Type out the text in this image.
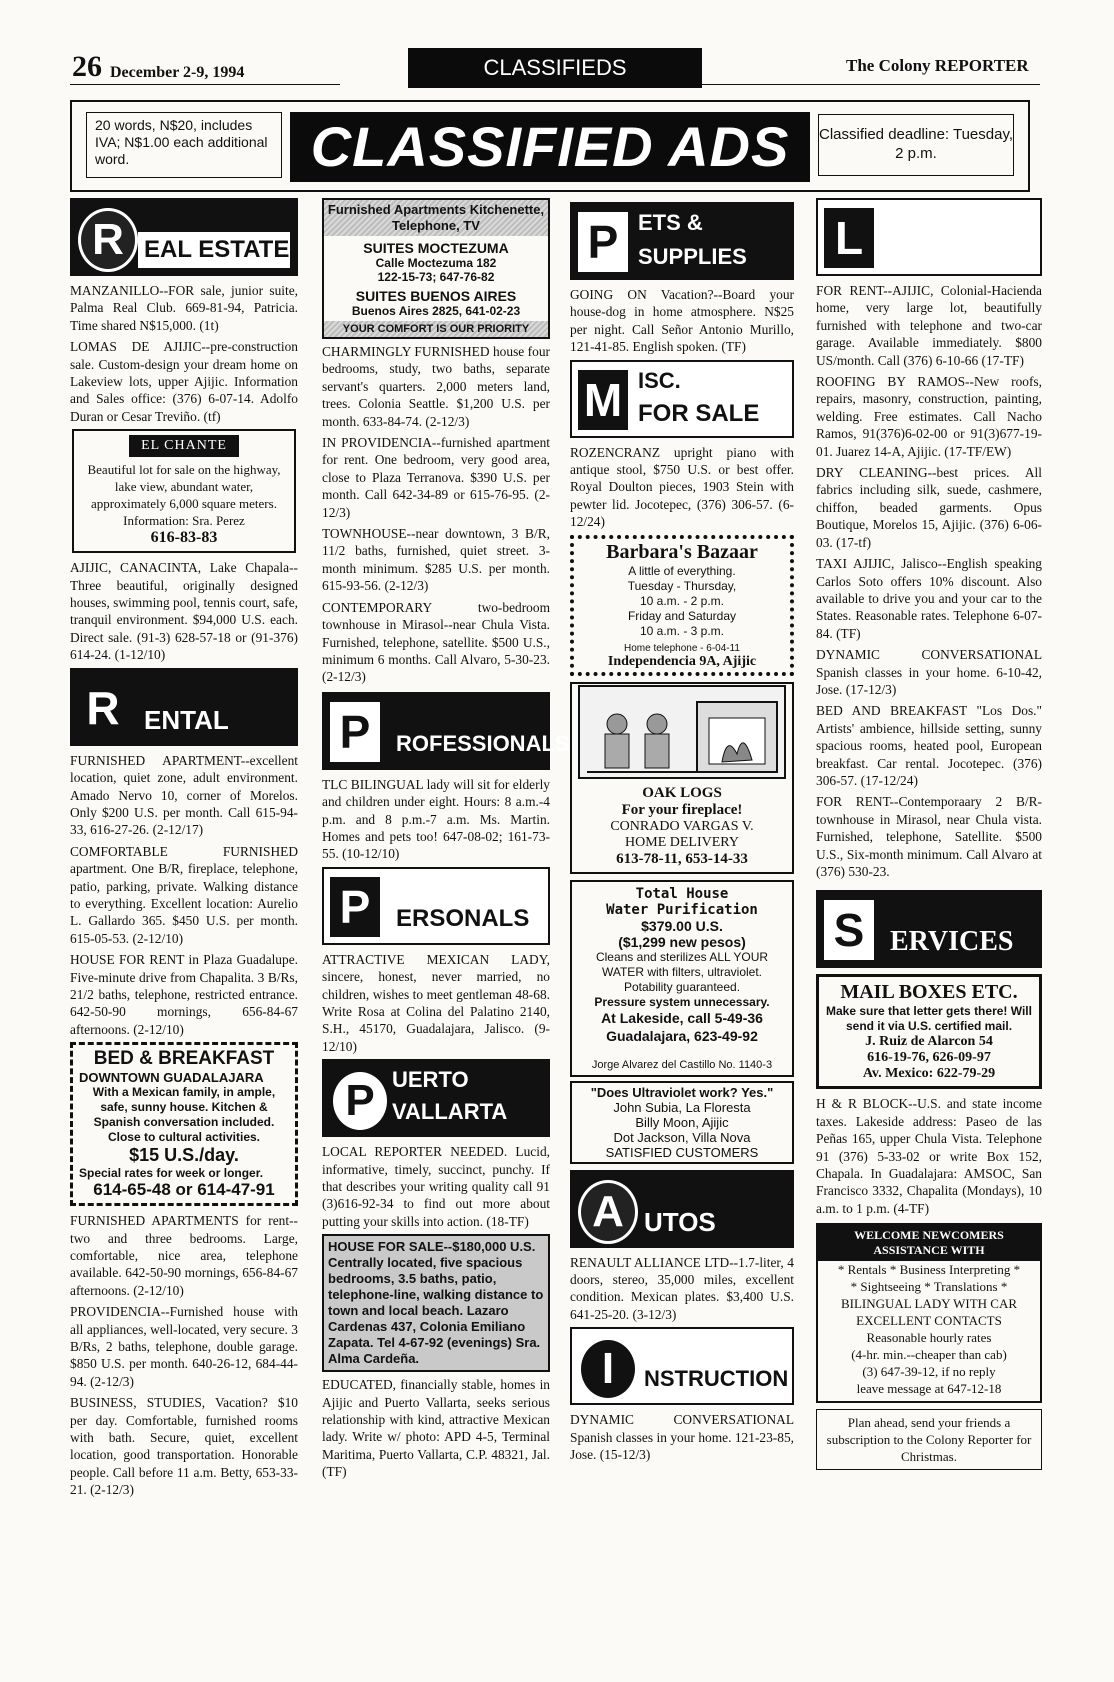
26 December 2-9, 1994	CLASSIFIEDS	The Colony REPORTER
20 words, N$20, includes IVA; N$1.00 each additional word.	CLASSIFIED ADS	Classified deadline: Tuesday, 2 p.m.
R EAL ESTATE

MANZANILLO--FOR sale, junior suite, Palma Real Club. 669-81-94, Patricia. Time shared N$15,000. (1t)

LOMAS DE AJIJIC--pre-construction sale. Custom-design your dream home on Lakeview lots, upper Ajijic. Information and Sales office: (376) 6-07-14. Adolfo Duran or Cesar Treviño. (tf)

EL CHANTE
Beautiful lot for sale on the highway, lake view, abundant water, approximately 6,000 square meters. Information: Sra. Perez
616-83-83

AJIJIC, CANACINTA, Lake Chapala--Three beautiful, originally designed houses, swimming pool, tennis court, safe, tranquil environment. $94,000 U.S. each. Direct sale. (91-3) 628-57-18 or (91-376) 614-24. (1-12/10)

R ENTAL

FURNISHED APARTMENT--excellent location, quiet zone, adult environment. Amado Nervo 10, corner of Morelos. Only $200 U.S. per month. Call 615-94-33, 616-27-26. (2-12/17)

COMFORTABLE FURNISHED apartment. One B/R, fireplace, telephone, patio, parking, private. Walking distance to everything. Excellent location: Aurelio L. Gallardo 365. $450 U.S. per month. 615-05-53. (2-12/10)

HOUSE FOR RENT in Plaza Guadalupe. Five-minute drive from Chapalita. 3 B/Rs, 21/2 baths, telephone, restricted entrance. 642-50-90 mornings, 656-84-67 afternoons. (2-12/10)

BED & BREAKFAST
DOWNTOWN GUADALAJARA
With a Mexican family, in ample, safe, sunny house. Kitchen & Spanish conversation included. Close to cultural activities.
$15 U.S./day.
Special rates for week or longer.
614-65-48 or 614-47-91

FURNISHED APARTMENTS for rent--two and three bedrooms. Large, comfortable, nice area, telephone available. 642-50-90 mornings, 656-84-67 afternoons. (2-12/10)

PROVIDENCIA--Furnished house with all appliances, well-located, very secure. 3 B/Rs, 2 baths, telephone, double garage. $850 U.S. per month. 640-26-12, 684-44-94. (2-12/3)

BUSINESS, STUDIES, Vacation? $10 per day. Comfortable, furnished rooms with bath. Secure, quiet, excellent location, good transportation. Honorable people. Call before 11 a.m. Betty, 653-33-21. (2-12/3)

Furnished Apartments Kitchenette, Telephone, TV
SUITES MOCTEZUMA
Calle Moctezuma 182
122-15-73; 647-76-82
SUITES BUENOS AIRES
Buenos Aires 2825, 641-02-23
YOUR COMFORT IS OUR PRIORITY

CHARMINGLY FURNISHED house four bedrooms, study, two baths, separate servant's quarters. 2,000 meters land, trees. Colonia Seattle. $1,200 U.S. per month. 633-84-74. (2-12/3)

IN PROVIDENCIA--furnished apartment for rent. One bedroom, very good area, close to Plaza Terranova. $390 U.S. per month. Call 642-34-89 or 615-76-95. (2-12/3)

TOWNHOUSE--near downtown, 3 B/R, 11/2 baths, furnished, quiet street. 3-month minimum. $285 U.S. per month. 615-93-56. (2-12/3)

CONTEMPORARY two-bedroom townhouse in Mirasol--near Chula Vista. Furnished, telephone, satellite. $500 U.S., minimum 6 months. Call Alvaro, 5-30-23. (2-12/3)

P	ROFESSIONALS

TLC BILINGUAL lady will sit for elderly and children under eight. Hours: 8 a.m.-4 p.m. and 8 p.m.-7 a.m. Ms. Martin. Homes and pets too! 647-08-02; 161-73-55. (10-12/10)

P	ERSONALS

ATTRACTIVE MEXICAN LADY, sincere, honest, never married, no children, wishes to meet gentleman 48-68. Write Rosa at Colina del Palatino 2140, S.H., 45170, Guadalajara, Jalisco. (9-12/10)

P UERTO
VALLARTA

LOCAL REPORTER NEEDED. Lucid, informative, timely, succinct, punchy. If that describes your writing quality call 91 (3)616-92-34 to find out more about putting your skills into action. (18-TF)

HOUSE FOR SALE--$180,000 U.S. Centrally located, five spacious bedrooms, 3.5 baths, patio, telephone-line, walking distance to town and local beach. Lazaro Cardenas 437, Colonia Emiliano Zapata. Tel 4-67-92 (evenings) Sra. Alma Cardeña.

EDUCATED, financially stable, homes in Ajijic and Puerto Vallarta, seeks serious relationship with kind, attractive Mexican lady. Write w/ photo: APD 4-5, Terminal Maritima, Puerto Vallarta, C.P. 48321, Jal. (TF)

P ETS &
SUPPLIES

GOING ON Vacation?--Board your house-dog in home atmosphere. N$25 per night. Call Señor Antonio Murillo, 121-41-85. English spoken. (TF)

M ISC.
FOR SALE

ROZENCRANZ upright piano with antique stool, $750 U.S. or best offer. Royal Doulton pieces, 1903 Stein with pewter lid. Jocotepec, (376) 306-57. (6-12/24)

Barbara's Bazaar
A little of everything.
Tuesday - Thursday,
10 a.m. - 2 p.m.
Friday and Saturday
10 a.m. - 3 p.m.
Home telephone - 6-04-11
Independencia 9A, Ajijic
OAK LOGS
For your fireplace!
CONRADO VARGAS V.
HOME DELIVERY
613-78-11, 653-14-33
Total House
Water Purification
$379.00 U.S.
($1,299 new pesos)
Cleans and sterilizes ALL YOUR WATER with filters, ultraviolet. Potability guaranteed.
Pressure system unnecessary.
At Lakeside, call 5-49-36 Guadalajara, 623-49-92
Jorge Alvarez del Castillo No. 1140-3
"Does Ultraviolet work? Yes."
John Subia, La Floresta
Billy Moon, Ajijic
Dot Jackson, Villa Nova
SATISFIED CUSTOMERS
A UTOS

RENAULT ALLIANCE LTD--1.7-liter, 4 doors, stereo, 35,000 miles, excellent condition. Mexican plates. $3,400 U.S. 641-25-20. (3-12/3)

I	NSTRUCTION

DYNAMIC CONVERSATIONAL Spanish classes in your home. 121-23-85, Jose. (15-12/3)

L AKE
CHAPALA

FOR RENT--AJIJIC, Colonial-Hacienda home, very large lot, beautifully furnished with telephone and two-car garage. Available immediately. $800 US/month. Call (376) 6-10-66 (17-TF)

ROOFING BY RAMOS--New roofs, repairs, masonry, construction, painting, welding. Free estimates. Call Nacho Ramos, 91(376)6-02-00 or 91(3)677-19-01. Juarez 14-A, Ajijic. (17-TF/EW)

DRY CLEANING--best prices. All fabrics including silk, suede, cashmere, chiffon, beaded garments. Opus Boutique, Morelos 15, Ajijic. (376) 6-06-03. (17-tf)

TAXI AJIJIC, Jalisco--English speaking Carlos Soto offers 10% discount. Also available to drive you and your car to the States. Reasonable rates. Telephone 6-07-84. (TF)

DYNAMIC CONVERSATIONAL Spanish classes in your home. 6-10-42, Jose. (17-12/3)

BED AND BREAKFAST "Los Dos." Artists' ambience, hillside setting, sunny spacious rooms, heated pool, European breakfast. Car rental. Jocotepec. (376) 306-57. (17-12/24)

FOR RENT--Contemporaary 2 B/R-townhouse in Mirasol, near Chula vista. Furnished, telephone, Satellite. $500 U.S., Six-month minimum. Call Alvaro at (376) 530-23.

S ERVICES
MAIL BOXES ETC.
Make sure that letter gets there! Will send it via U.S. certified mail.
J. Ruiz de Alarcon 54
616-19-76, 626-09-97
Av. Mexico: 622-79-29

H & R BLOCK--U.S. and state income taxes. Lakeside address: Paseo de las Peñas 165, upper Chula Vista. Telephone 91 (376) 5-33-02 or write Box 152, Chapala. In Guadalajara: AMSOC, San Francisco 3332, Chapalita (Mondays), 10 a.m. to 1 p.m. (4-TF)

WELCOME NEWCOMERS ASSISTANCE WITH
* Rentals * Business Interpreting *
* Sightseeing * Translations *
BILINGUAL LADY WITH CAR
EXCELLENT CONTACTS
Reasonable hourly rates
(4-hr. min.--cheaper than cab)
(3) 647-39-12, if no reply
leave message at 647-12-18
Plan ahead, send your friends a subscription to the Colony Reporter for Christmas.
